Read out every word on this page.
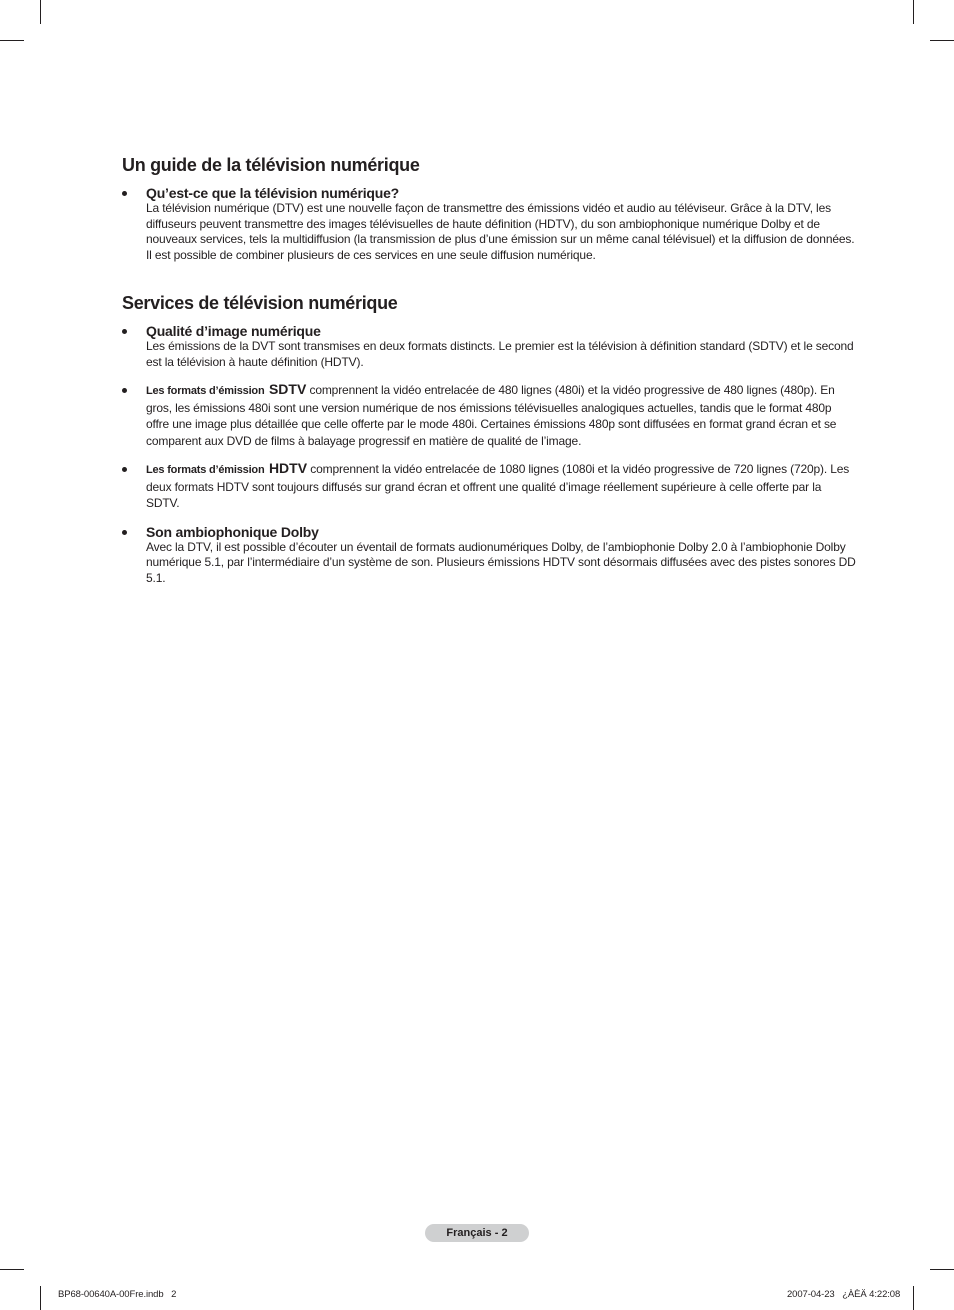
Un guide de la télévision numérique
Qu’est-ce que la télévision numérique?
La télévision numérique (DTV) est une nouvelle façon de transmettre des émissions vidéo et audio au téléviseur. Grâce à la DTV, les diffuseurs peuvent transmettre des images télévisuelles de haute définition (HDTV), du son ambiophonique numérique Dolby et de nouveaux services, tels la multidiffusion (la transmission de plus d’une émission sur un même canal télévisuel) et la diffusion de données. Il est possible de combiner plusieurs de ces services en une seule diffusion numérique.
Services de télévision numérique
Qualité d’image numérique
Les émissions de la DVT sont transmises en deux formats distincts. Le premier est la télévision à définition standard (SDTV) et le second est la télévision à haute définition (HDTV).
Les formats d’émission SDTV comprennent la vidéo entrelacée de 480 lignes (480i) et la vidéo progressive de 480 lignes (480p). En gros, les émissions 480i sont une version numérique de nos émissions télévisuelles analogiques actuelles, tandis que le format 480p offre une image plus détaillée que celle offerte par le mode 480i. Certaines émissions 480p sont diffusées en format grand écran et se comparent aux DVD de films à balayage progressif en matière de qualité de l’image.
Les formats d’émission HDTV comprennent la vidéo entrelacée de 1080 lignes (1080i et la vidéo progressive de 720 lignes (720p). Les deux formats HDTV sont toujours diffusés sur grand écran et offrent une qualité d’image réellement supérieure à celle offerte par la SDTV.
Son ambiophonique Dolby
Avec la DTV, il est possible d’écouter un éventail de formats audionumériques Dolby, de l’ambiophonie Dolby 2.0 à l’ambiophonie Dolby numérique 5.1, par l’intermédiaire d’un système de son. Plusieurs émissions HDTV sont désormais diffusées avec des pistes sonores DD 5.1.
Français - 2
BP68-00640A-00Fre.indb   2	2007-04-23   ¿ÀÈÄ 4:22:08
